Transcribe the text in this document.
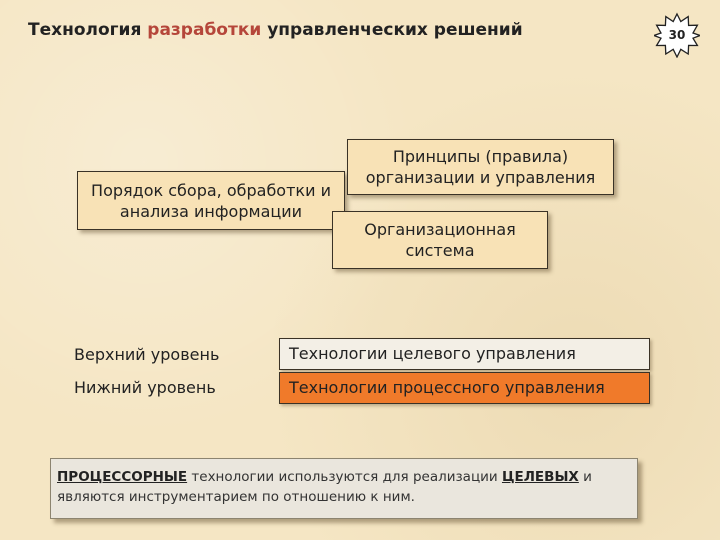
Технология разработки управленческих решений	30
Порядок сбора, обработки и анализа информации
Принципы (правила) организации и управления
Организационная система
Верхний уровень
Нижний уровень
Технологии целевого управления
Технологии процессного управления
ПРОЦЕССОРНЫЕ технологии используются для реализации ЦЕЛЕВЫХ и являются инструментарием по отношению к ним.
